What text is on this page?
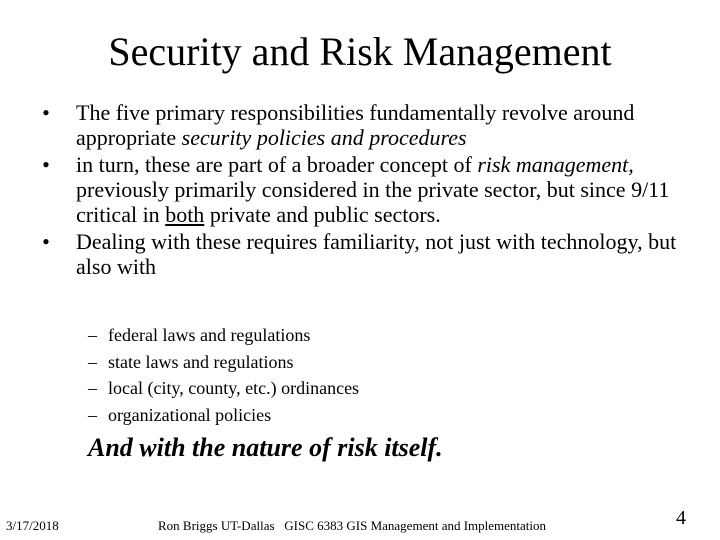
Security and Risk Management
• The five primary responsibilities fundamentally revolve around appropriate security policies and procedures
• in turn, these are part of a broader concept of risk management, previously primarily considered in the private sector, but since 9/11 critical in both private and public sectors.
• Dealing with these requires familiarity, not just with technology, but also with
– federal laws and regulations
– state laws and regulations
– local (city, county, etc.) ordinances
– organizational policies
And with the nature of risk itself.
3/17/2018	Ron Briggs UT-Dallas   GISC 6383 GIS Management and Implementation	4
